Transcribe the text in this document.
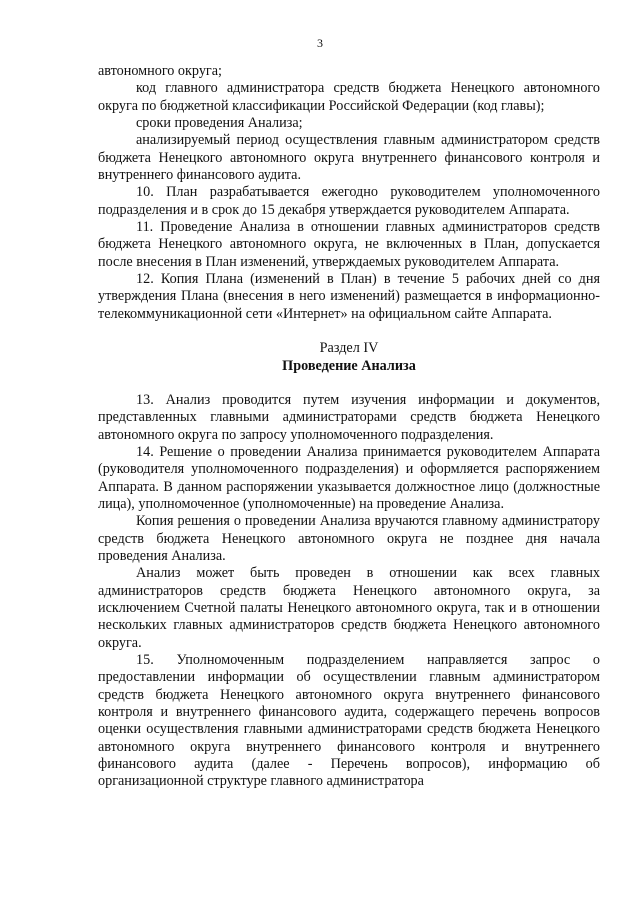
3

автономного округа;

код главного администратора средств бюджета Ненецкого автономного округа по бюджетной классификации Российской Федерации (код главы);

сроки проведения Анализа;

анализируемый период осуществления главным администратором средств бюджета Ненецкого автономного округа внутреннего финансового контроля и внутреннего финансового аудита.

10. План разрабатывается ежегодно руководителем уполномоченного подразделения и в срок до 15 декабря утверждается руководителем Аппарата.

11. Проведение Анализа в отношении главных администраторов средств бюджета Ненецкого автономного округа, не включенных в План, допускается после внесения в План изменений, утверждаемых руководителем Аппарата.

12. Копия Плана (изменений в План) в течение 5 рабочих дней со дня утверждения Плана (внесения в него изменений) размещается в информационно-телекоммуникационной сети «Интернет» на официальном сайте Аппарата.

Раздел IV

Проведение Анализа

13. Анализ проводится путем изучения информации и документов, представленных главными администраторами средств бюджета Ненецкого автономного округа по запросу уполномоченного подразделения.

14. Решение о проведении Анализа принимается руководителем Аппарата (руководителя уполномоченного подразделения) и оформляется распоряжением Аппарата. В данном распоряжении указывается должностное лицо (должностные лица), уполномоченное (уполномоченные) на проведение Анализа.

Копия решения о проведении Анализа вручаются главному администратору средств бюджета Ненецкого автономного округа не позднее дня начала проведения Анализа.

Анализ может быть проведен в отношении как всех главных администраторов средств бюджета Ненецкого автономного округа, за исключением Счетной палаты Ненецкого автономного округа, так и в отношении нескольких главных администраторов средств бюджета Ненецкого автономного округа.

15. Уполномоченным подразделением направляется запрос о предоставлении информации об осуществлении главным администратором средств бюджета Ненецкого автономного округа внутреннего финансового контроля и внутреннего финансового аудита, содержащего перечень вопросов оценки осуществления главными администраторами средств бюджета Ненецкого автономного округа внутреннего финансового контроля и внутреннего финансового аудита (далее - Перечень вопросов), информацию об организационной структуре главного администратора
